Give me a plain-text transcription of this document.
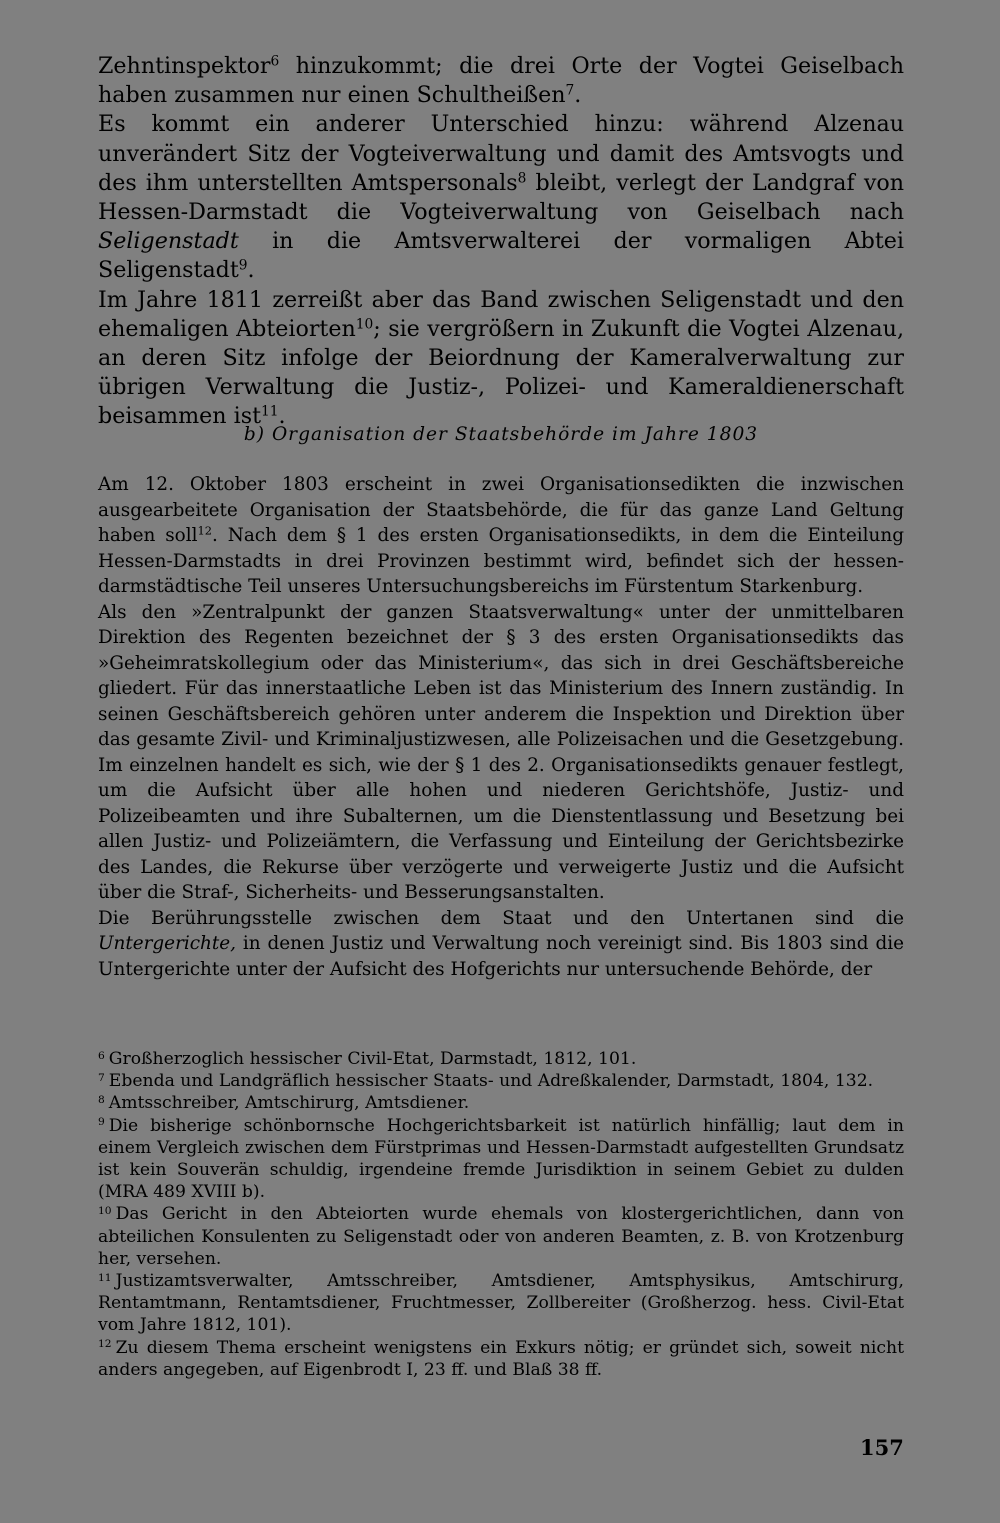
Zehntinspektor$^6$ hinzukommt; die drei Orte der Vogtei Geiselbach haben zusammen nur einen Schultheißen$^7$.

Es kommt ein anderer Unterschied hinzu: während Alzenau unverändert Sitz der Vogteiverwaltung und damit des Amtsvogts und des ihm unterstellten Amtspersonals$^8$ bleibt, verlegt der Landgraf von Hessen-Darmstadt die Vogteiverwaltung von Geiselbach nach Seligenstadt in die Amtsverwalterei der vormaligen Abtei Seligenstadt$^9$.

Im Jahre 1811 zerreißt aber das Band zwischen Seligenstadt und den ehemaligen Abteiorten$^{10}$; sie vergrößern in Zukunft die Vogtei Alzenau, an deren Sitz infolge der Beiordnung der Kameralverwaltung zur übrigen Verwaltung die Justiz-, Polizei- und Kameraldienerschaft beisammen ist$^{11}$.

b) Organisation der Staatsbehörde im Jahre 1803

Am 12. Oktober 1803 erscheint in zwei Organisationsedikten die inzwischen ausgearbeitete Organisation der Staatsbehörde, die für das ganze Land Geltung haben soll$^{12}$. Nach dem § 1 des ersten Organisationsedikts, in dem die Einteilung Hessen-Darmstadts in drei Provinzen bestimmt wird, befindet sich der hessen-darmstädtische Teil unseres Untersuchungsbereichs im Fürstentum Starkenburg.

Als den »Zentralpunkt der ganzen Staatsverwaltung« unter der unmittelbaren Direktion des Regenten bezeichnet der § 3 des ersten Organisationsedikts das »Geheimratskollegium oder das Ministerium«, das sich in drei Geschäftsbereiche gliedert. Für das innerstaatliche Leben ist das Ministerium des Innern zuständig. In seinen Geschäftsbereich gehören unter anderem die Inspektion und Direktion über das gesamte Zivil- und Kriminaljustizwesen, alle Polizeisachen und die Gesetzgebung. Im einzelnen handelt es sich, wie der § 1 des 2. Organisationsedikts genauer festlegt, um die Aufsicht über alle hohen und niederen Gerichtshöfe, Justiz- und Polizeibeamten und ihre Subalternen, um die Dienstentlassung und Besetzung bei allen Justiz- und Polizeiämtern, die Verfassung und Einteilung der Gerichtsbezirke des Landes, die Rekurse über verzögerte und verweigerte Justiz und die Aufsicht über die Straf-, Sicherheits- und Besserungsanstalten.

Die Berührungsstelle zwischen dem Staat und den Untertanen sind die Untergerichte, in denen Justiz und Verwaltung noch vereinigt sind. Bis 1803 sind die Untergerichte unter der Aufsicht des Hofgerichts nur untersuchende Behörde, der

$^6$ Großherzoglich hessischer Civil-Etat, Darmstadt, 1812, 101.

$^7$ Ebenda und Landgräflich hessischer Staats- und Adreßkalender, Darmstadt, 1804, 132.

$^8$ Amtsschreiber, Amtschirurg, Amtsdiener.

$^9$ Die bisherige schönbornsche Hochgerichtsbarkeit ist natürlich hinfällig; laut dem in einem Vergleich zwischen dem Fürstprimas und Hessen-Darmstadt aufgestellten Grundsatz ist kein Souverän schuldig, irgendeine fremde Jurisdiktion in seinem Gebiet zu dulden (MRA 489 XVIII b).

$^{10}$ Das Gericht in den Abteiorten wurde ehemals von klostergerichtlichen, dann von abteilichen Konsulenten zu Seligenstadt oder von anderen Beamten, z. B. von Krotzenburg her, versehen.

$^{11}$ Justizamtsverwalter, Amtsschreiber, Amtsdiener, Amtsphysikus, Amtschirurg, Rentamtmann, Rentamtsdiener, Fruchtmesser, Zollbereiter (Großherzog. hess. Civil-Etat vom Jahre 1812, 101).

$^{12}$ Zu diesem Thema erscheint wenigstens ein Exkurs nötig; er gründet sich, soweit nicht anders angegeben, auf Eigenbrodt I, 23 ff. und Blaß 38 ff.

157
